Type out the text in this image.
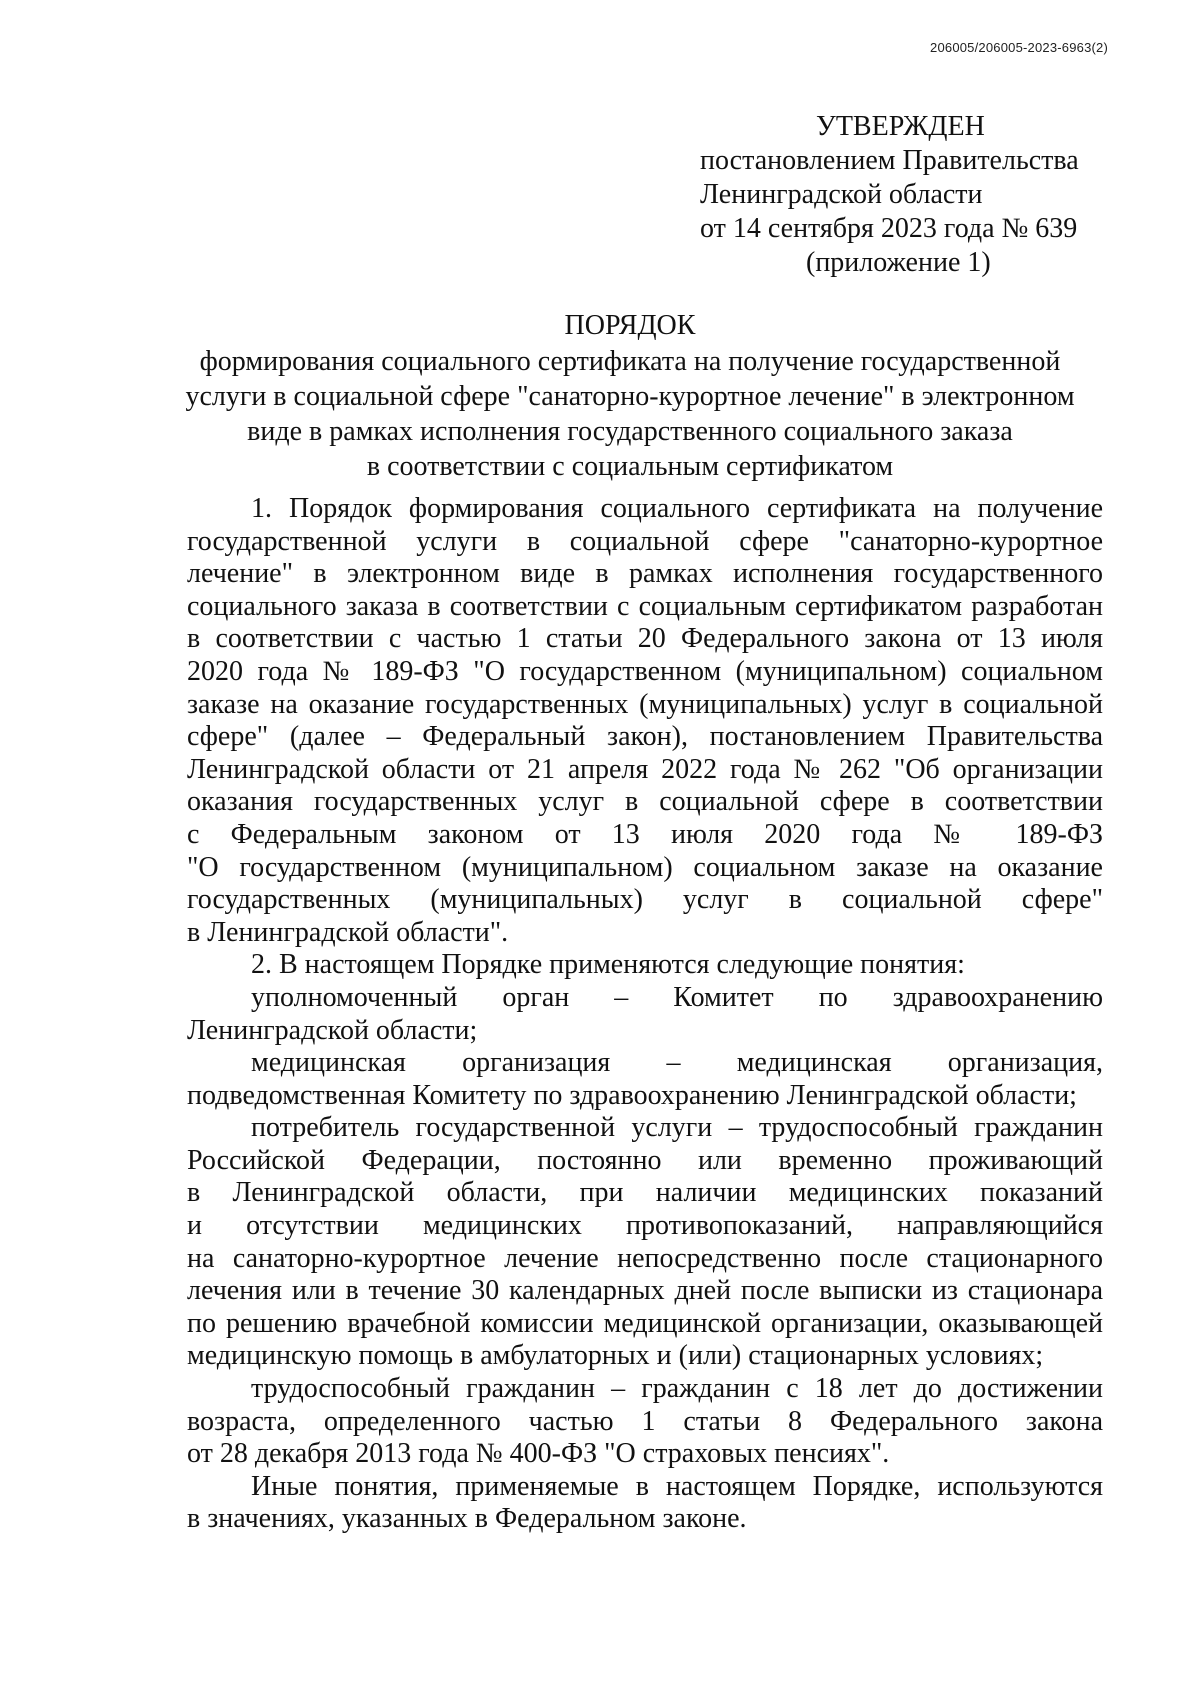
206005/206005-2023-6963(2)
УТВЕРЖДЕН
постановлением Правительства
Ленинградской области
от 14 сентября 2023 года № 639
(приложение 1)
ПОРЯДОК
формирования социального сертификата на получение государственной
услуги в социальной сфере "санаторно-курортное лечение" в электронном
виде в рамках исполнения государственного социального заказа
в соответствии с социальным сертификатом
1. Порядок формирования социального сертификата на получение
государственной услуги в социальной сфере "санаторно-курортное
лечение" в электронном виде в рамках исполнения государственного
социального заказа в соответствии с социальным сертификатом разработан
в соответствии с частью 1 статьи 20 Федерального закона от 13 июля
2020 года № 189-ФЗ "О государственном (муниципальном) социальном
заказе на оказание государственных (муниципальных) услуг в социальной
сфере" (далее – Федеральный закон), постановлением Правительства
Ленинградской области от 21 апреля 2022 года № 262 "Об организации
оказания государственных услуг в социальной сфере в соответствии
с Федеральным законом от 13 июля 2020 года № 189-ФЗ
"О государственном (муниципальном) социальном заказе на оказание
государственных (муниципальных) услуг в социальной сфере"
в Ленинградской области".
2. В настоящем Порядке применяются следующие понятия:
уполномоченный орган – Комитет по здравоохранению
Ленинградской области;
медицинская организация – медицинская организация,
подведомственная Комитету по здравоохранению Ленинградской области;
потребитель государственной услуги – трудоспособный гражданин
Российской Федерации, постоянно или временно проживающий
в Ленинградской области, при наличии медицинских показаний
и отсутствии медицинских противопоказаний, направляющийся
на санаторно-курортное лечение непосредственно после стационарного
лечения или в течение 30 календарных дней после выписки из стационара
по решению врачебной комиссии медицинской организации, оказывающей
медицинскую помощь в амбулаторных и (или) стационарных условиях;
трудоспособный гражданин – гражданин с 18 лет до достижении
возраста, определенного частью 1 статьи 8 Федерального закона
от 28 декабря 2013 года № 400-ФЗ "О страховых пенсиях".
Иные понятия, применяемые в настоящем Порядке, используются
в значениях, указанных в Федеральном законе.
